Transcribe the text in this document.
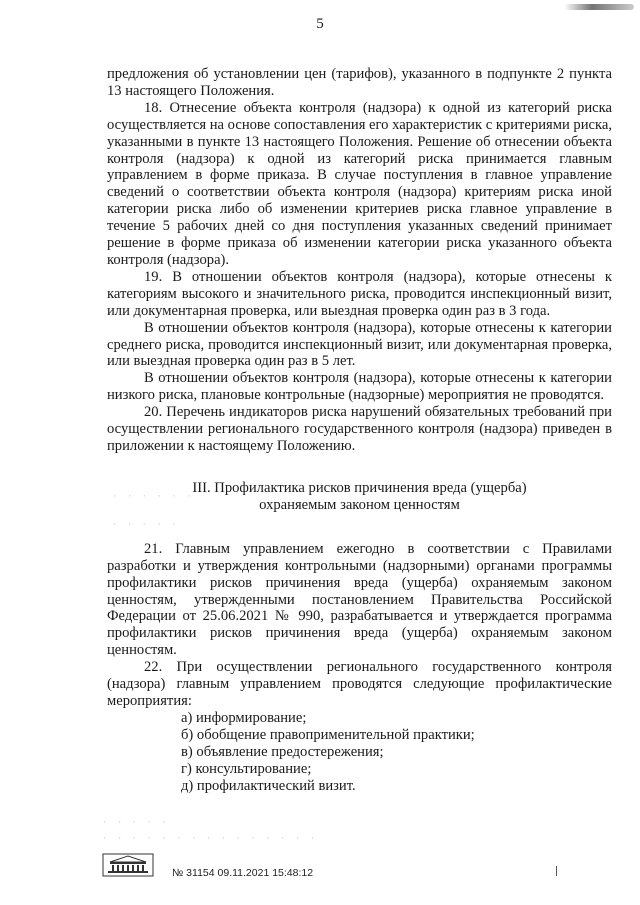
5

предложения об установлении цен (тарифов), указанного в подпункте 2 пункта 13 настоящего Положения.

18. Отнесение объекта контроля (надзора) к одной из категорий риска осуществляется на основе сопоставления его характеристик с критериями риска, указанными в пункте 13 настоящего Положения. Решение об отнесении объекта контроля (надзора) к одной из категорий риска принимается главным управлением в форме приказа. В случае поступления в главное управление сведений о соответствии объекта контроля (надзора) критериям риска иной категории риска либо об изменении критериев риска главное управление в течение 5 рабочих дней со дня поступления указанных сведений принимает решение в форме приказа об изменении категории риска указанного объекта контроля (надзора).

19. В отношении объектов контроля (надзора), которые отнесены к категориям высокого и значительного риска, проводится инспекционный визит, или документарная проверка, или выездная проверка один раз в 3 года.

В отношении объектов контроля (надзора), которые отнесены к категории среднего риска, проводится инспекционный визит, или документарная проверка, или выездная проверка один раз в 5 лет.

В отношении объектов контроля (надзора), которые отнесены к категории низкого риска, плановые контрольные (надзорные) мероприятия не проводятся.

20. Перечень индикаторов риска нарушений обязательных требований при осуществлении регионального государственного контроля (надзора) приведен в приложении к настоящему Положению.

III. Профилактика рисков причинения вреда (ущерба)
охраняемым законом ценностям

21. Главным управлением ежегодно в соответствии с Правилами разработки и утверждения контрольными (надзорными) органами программы профилактики рисков причинения вреда (ущерба) охраняемым законом ценностям, утвержденными постановлением Правительства Российской Федерации от 25.06.2021 № 990, разрабатывается и утверждается программа профилактики рисков причинения вреда (ущерба) охраняемым законом ценностям.

22. При осуществлении регионального государственного контроля (надзора) главным управлением проводятся следующие профилактические мероприятия:

а) информирование;

б) обобщение правоприменительной практики;

в) объявление предостережения;

г) консультирование;

д) профилактический визит.

· · · · · ·
· · · · ·
· · · · ·
· · · · · · · · · · · · · · ·
№ 31154 09.11.2021 15:48:12
